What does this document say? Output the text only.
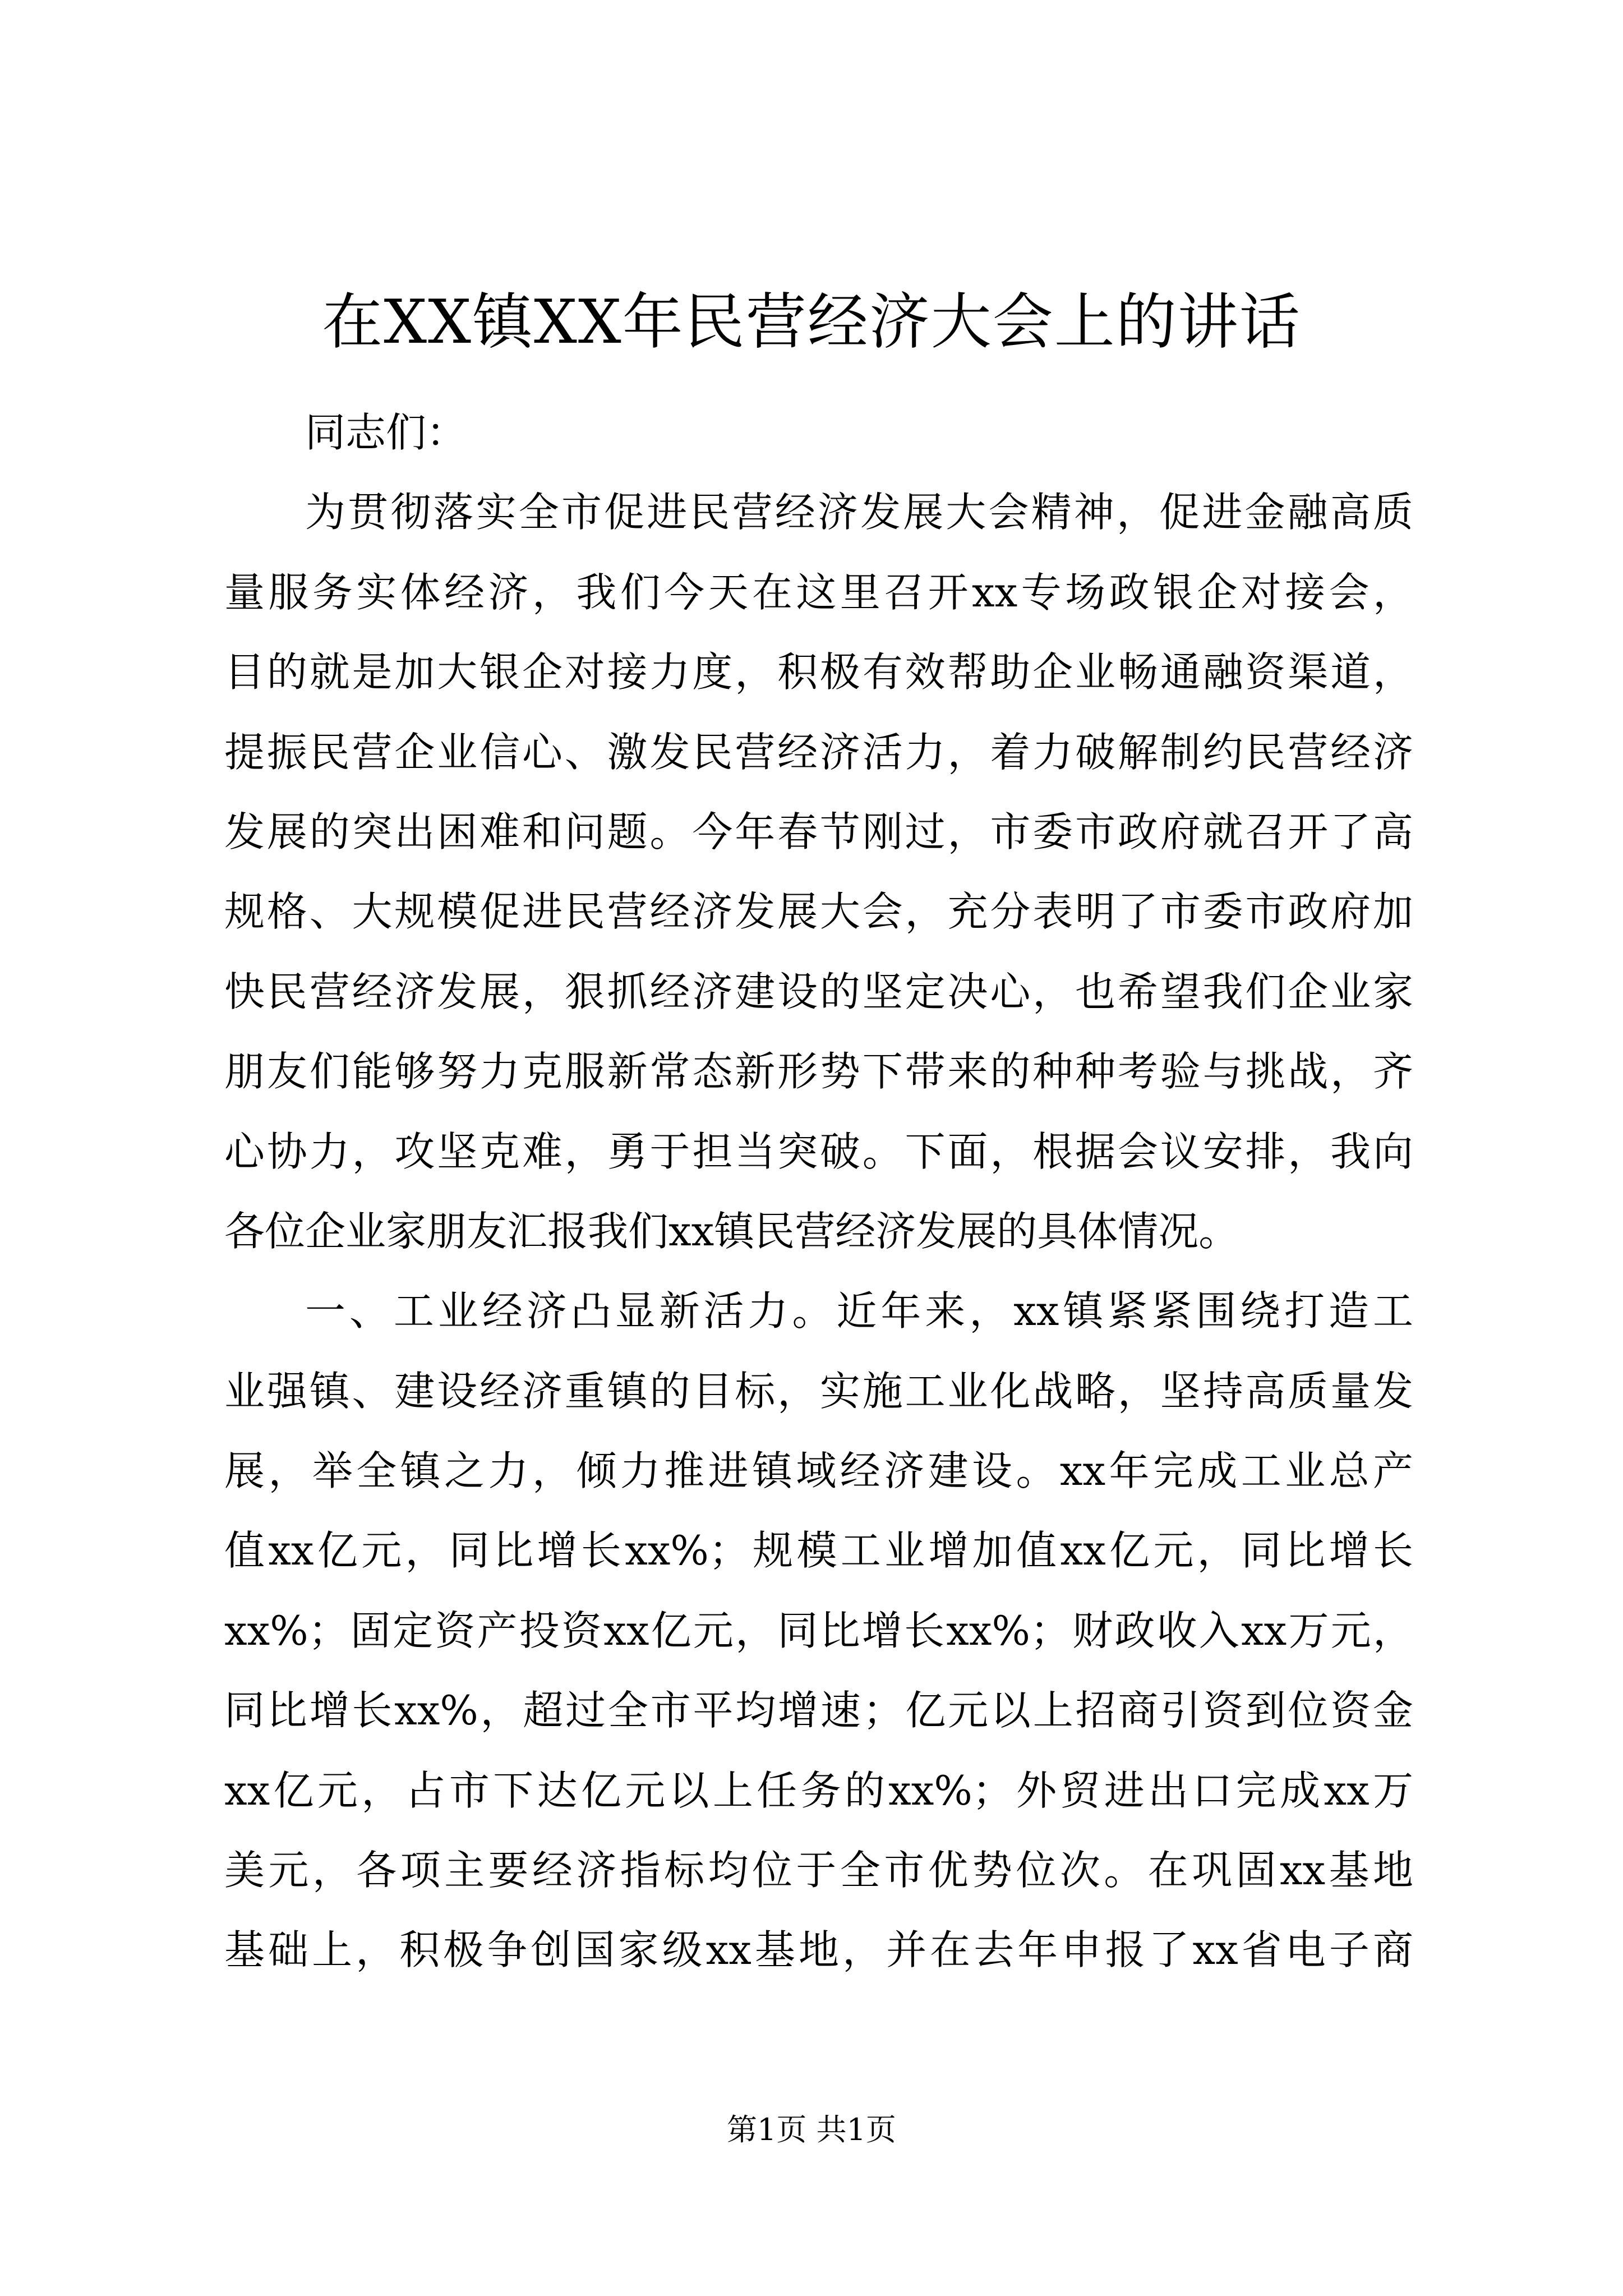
在XX镇XX年民营经济大会上的讲话
同志们：
为贯彻落实全市促进民营经济发展大会精神，促进金融高质
量服务实体经济，我们今天在这里召开xx专场政银企对接会，
目的就是加大银企对接力度，积极有效帮助企业畅通融资渠道，
提振民营企业信心、激发民营经济活力，着力破解制约民营经济
发展的突出困难和问题。今年春节刚过，市委市政府就召开了高
规格、大规模促进民营经济发展大会，充分表明了市委市政府加
快民营经济发展，狠抓经济建设的坚定决心，也希望我们企业家
朋友们能够努力克服新常态新形势下带来的种种考验与挑战，齐
心协力，攻坚克难，勇于担当突破。下面，根据会议安排，我向
各位企业家朋友汇报我们xx镇民营经济发展的具体情况。
一、工业经济凸显新活力。近年来，xx镇紧紧围绕打造工
业强镇、建设经济重镇的目标，实施工业化战略，坚持高质量发
展，举全镇之力，倾力推进镇域经济建设。xx年完成工业总产
值xx亿元，同比增长xx%；规模工业增加值xx亿元，同比增长
xx%；固定资产投资xx亿元，同比增长xx%；财政收入xx万元，
同比增长xx%，超过全市平均增速；亿元以上招商引资到位资金
xx亿元，占市下达亿元以上任务的xx%；外贸进出口完成xx万
美元，各项主要经济指标均位于全市优势位次。在巩固xx基地
基础上，积极争创国家级xx基地，并在去年申报了xx省电子商
第1页 共1页
